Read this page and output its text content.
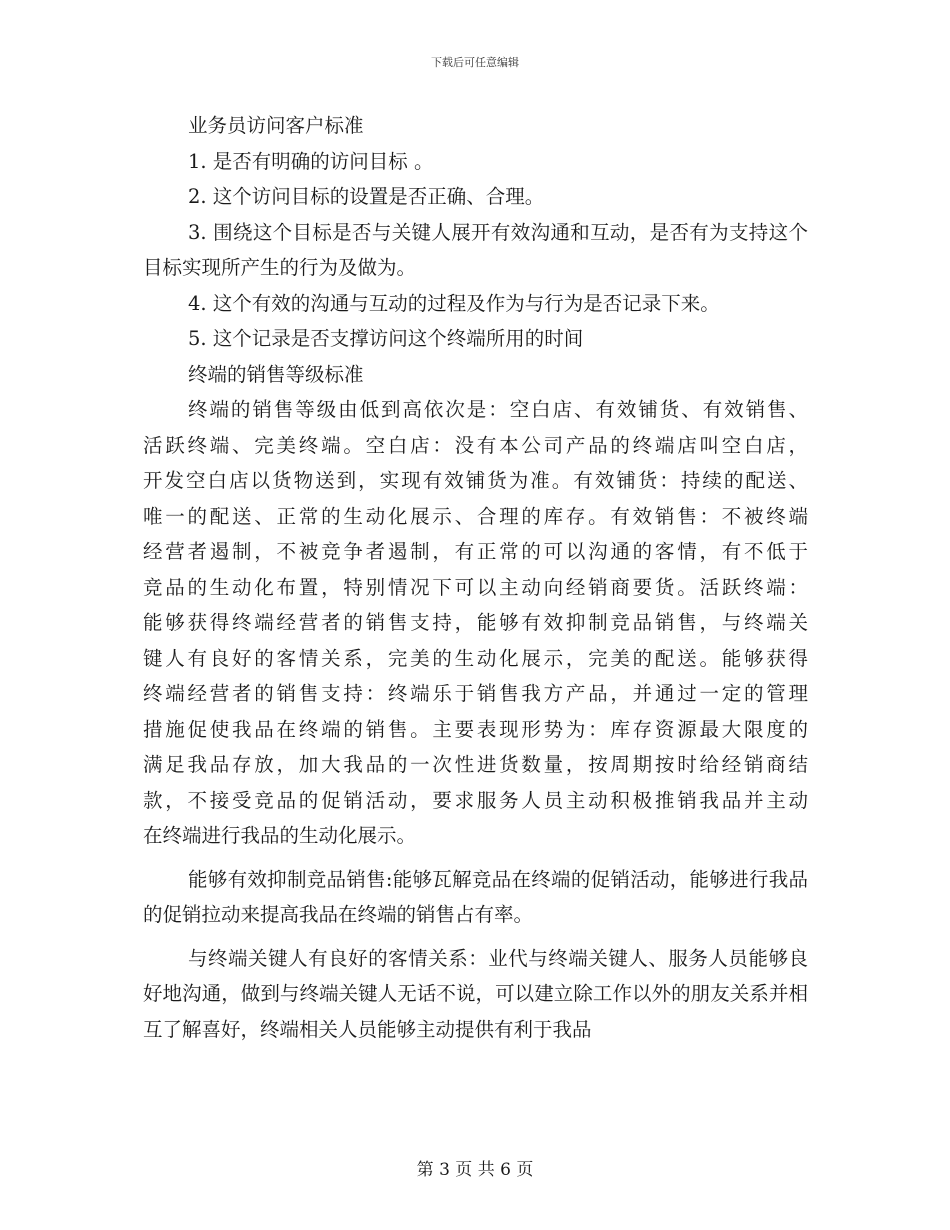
下载后可任意编辑

业务员访问客户标准

1. 是否有明确的访问目标 。

2. 这个访问目标的设置是否正确、合理。

3. 围绕这个目标是否与关键人展开有效沟通和互动，是否有为支持这个目标实现所产生的行为及做为。

4. 这个有效的沟通与互动的过程及作为与行为是否记录下来。

5. 这个记录是否支撑访问这个终端所用的时间

终端的销售等级标准

终端的销售等级由低到高依次是：空白店、有效铺货、有效销售、

活跃终端、完美终端。空白店：没有本公司产品的终端店叫空白店，

开发空白店以货物送到，实现有效铺货为准。有效铺货：持续的配送、

唯一的配送、正常的生动化展示、合理的库存。有效销售：不被终端

经营者遏制，不被竞争者遏制，有正常的可以沟通的客情，有不低于

竞品的生动化布置，特别情况下可以主动向经销商要货。活跃终端：

能够获得终端经营者的销售支持，能够有效抑制竞品销售，与终端关

键人有良好的客情关系，完美的生动化展示，完美的配送。能够获得

终端经营者的销售支持：终端乐于销售我方产品，并通过一定的管理

措施促使我品在终端的销售。主要表现形势为：库存资源最大限度的

满足我品存放，加大我品的一次性进货数量，按周期按时给经销商结

款，不接受竞品的促销活动，要求服务人员主动积极推销我品并主动

在终端进行我品的生动化展示。

能够有效抑制竞品销售:能够瓦解竞品在终端的促销活动，能够进行我品的促销拉动来提高我品在终端的销售占有率。

与终端关键人有良好的客情关系：业代与终端关键人、服务人员能够良好地沟通，做到与终端关键人无话不说，可以建立除工作以外的朋友关系并相互了解喜好，终端相关人员能够主动提供有利于我品

第 3 页 共 6 页
